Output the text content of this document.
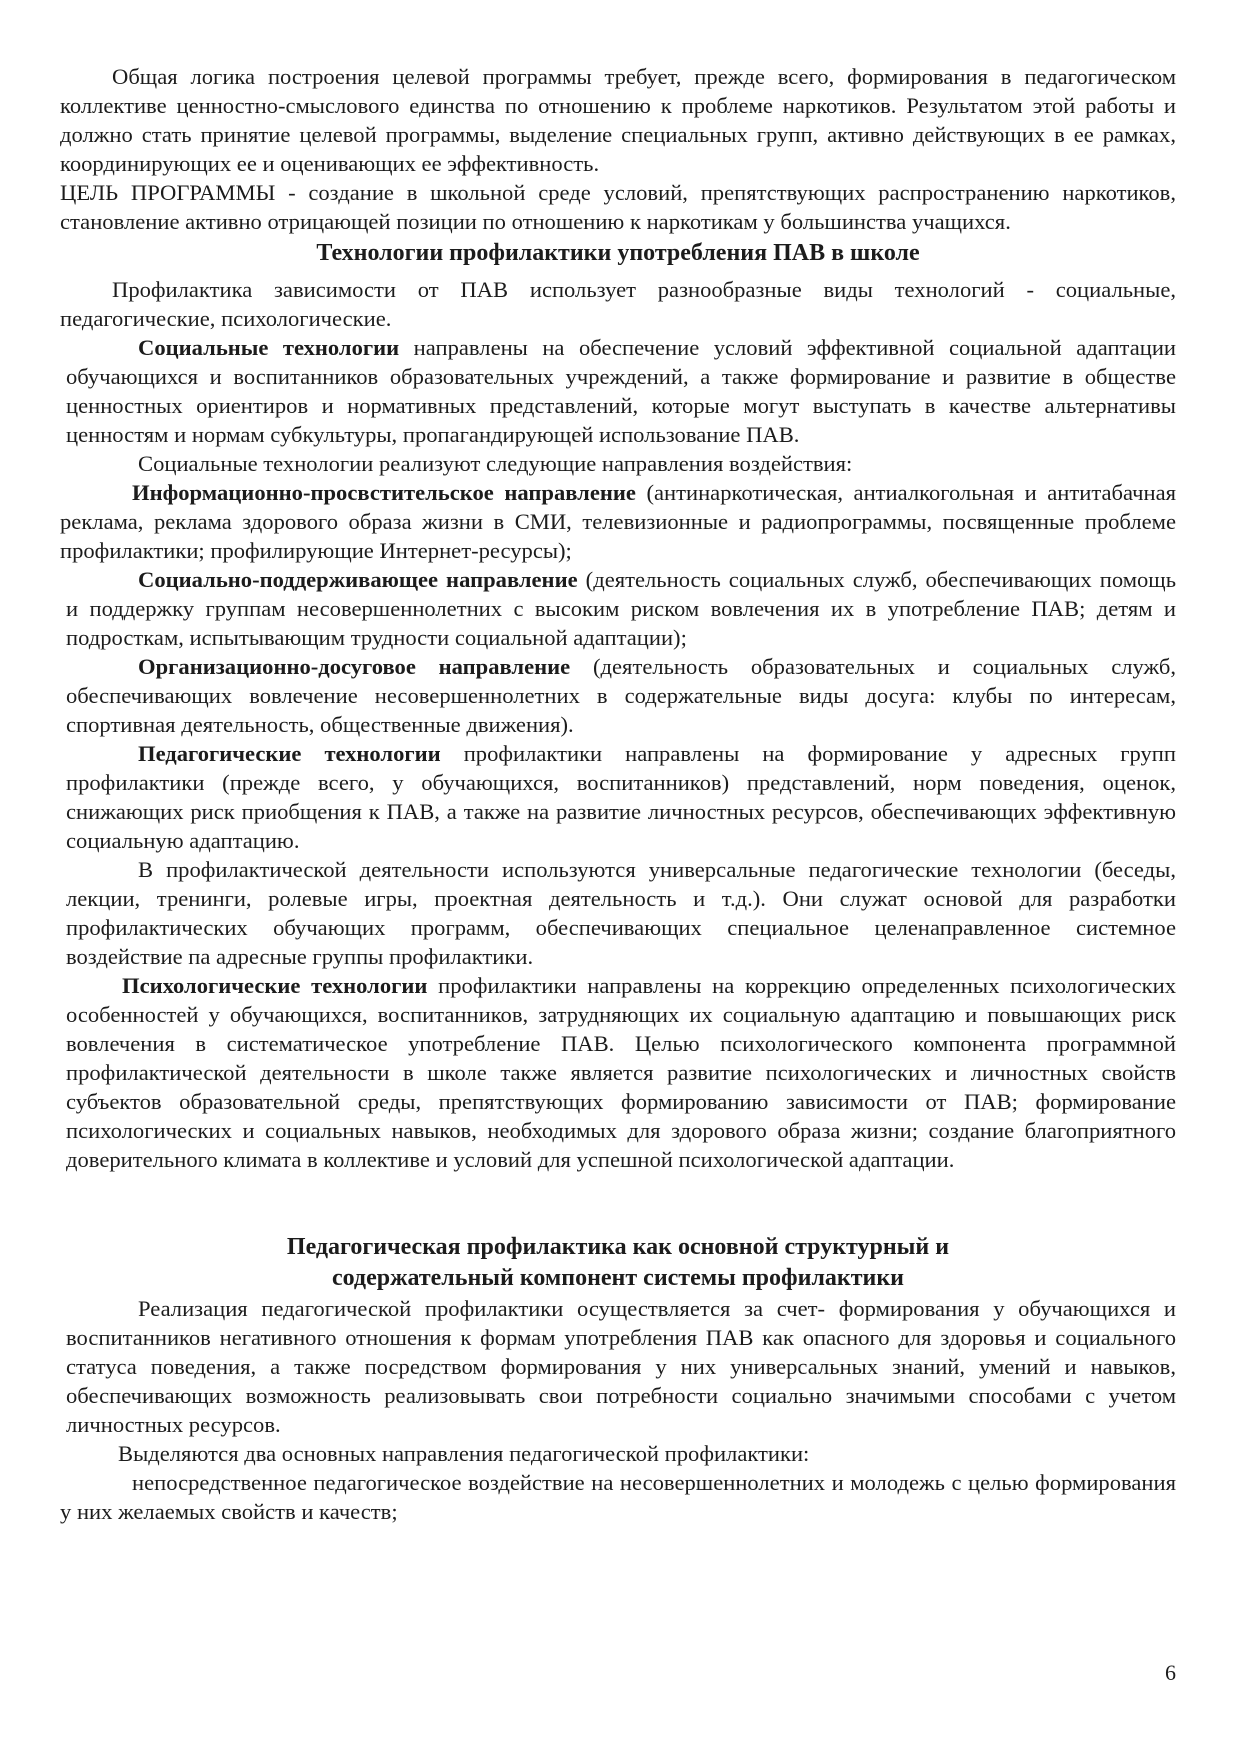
Общая логика построения целевой программы требует, прежде всего, формирования в педагогическом коллективе ценностно-смыслового единства по отношению к проблеме наркотиков. Результатом этой работы и должно стать принятие целевой программы, выделение специальных групп, активно действующих в ее рамках, координирующих ее и оценивающих ее эффективность.

ЦЕЛЬ ПРОГРАММЫ - создание в школьной среде условий, препятствующих распространению наркотиков, становление активно отрицающей позиции по отношению к наркотикам у большинства учащихся.

Технологии профилактики употребления ПАВ в школе

Профилактика зависимости от ПАВ использует разнообразные виды технологий - социальные, педагогические, психологические.

Социальные технологии направлены на обеспечение условий эффективной социальной адаптации обучающихся и воспитанников образовательных учреждений, а также формирование и развитие в обществе ценностных ориентиров и нормативных представлений, которые могут выступать в качестве альтернативы ценностям и нормам субкультуры, пропагандирующей использование ПАВ.

Социальные технологии реализуют следующие направления воздействия:

Информационно-просвстительское направление (антинаркотическая, антиалкогольная и антитабачная реклама, реклама здорового образа жизни в СМИ, телевизионные и радиопрограммы, посвященные проблеме профилактики; профилирующие Интернет-ресурсы);

Социально-поддерживающее направление (деятельность социальных служб, обеспечивающих помощь и поддержку группам несовершеннолетних с высоким риском вовлечения их в употребление ПАВ; детям и подросткам, испытывающим трудности социальной адаптации);

Организационно-досуговое направление (деятельность образовательных и социальных служб, обеспечивающих вовлечение несовершеннолетних в содержательные виды досуга: клубы по интересам, спортивная деятельность, общественные движения).

Педагогические технологии профилактики направлены на формирование у адресных групп профилактики (прежде всего, у обучающихся, воспитанников) представлений, норм поведения, оценок, снижающих риск приобщения к ПАВ, а также на развитие личностных ресурсов, обеспечивающих эффективную социальную адаптацию.

В профилактической деятельности используются универсальные педагогические технологии (беседы, лекции, тренинги, ролевые игры, проектная деятельность и т.д.). Они служат основой для разработки профилактических обучающих программ, обеспечивающих специальное целенаправленное системное воздействие па адресные группы профилактики.

Психологические технологии профилактики направлены на коррекцию определенных психологических особенностей у обучающихся, воспитанников, затрудняющих их социальную адаптацию и повышающих риск вовлечения в систематическое употребление ПАВ. Целью психологического компонента программной профилактической деятельности в школе также является развитие психологических и личностных свойств субъектов образовательной среды, препятствующих формированию зависимости от ПАВ; формирование психологических и социальных навыков, необходимых для здорового образа жизни; создание благоприятного доверительного климата в коллективе и условий для успешной психологической адаптации.

Педагогическая профилактика как основной структурный и
содержательный компонент системы профилактики

Реализация педагогической профилактики осуществляется за счет- формирования у обучающихся и воспитанников негативного отношения к формам употребления ПАВ как опасного для здоровья и социального статуса поведения, а также посредством формирования у них универсальных знаний, умений и навыков, обеспечивающих возможность реализовывать свои потребности социально значимыми способами с учетом личностных ресурсов.

Выделяются два основных направления педагогической профилактики:

непосредственное педагогическое воздействие на несовершеннолетних и молодежь с целью формирования у них желаемых свойств и качеств;

6
